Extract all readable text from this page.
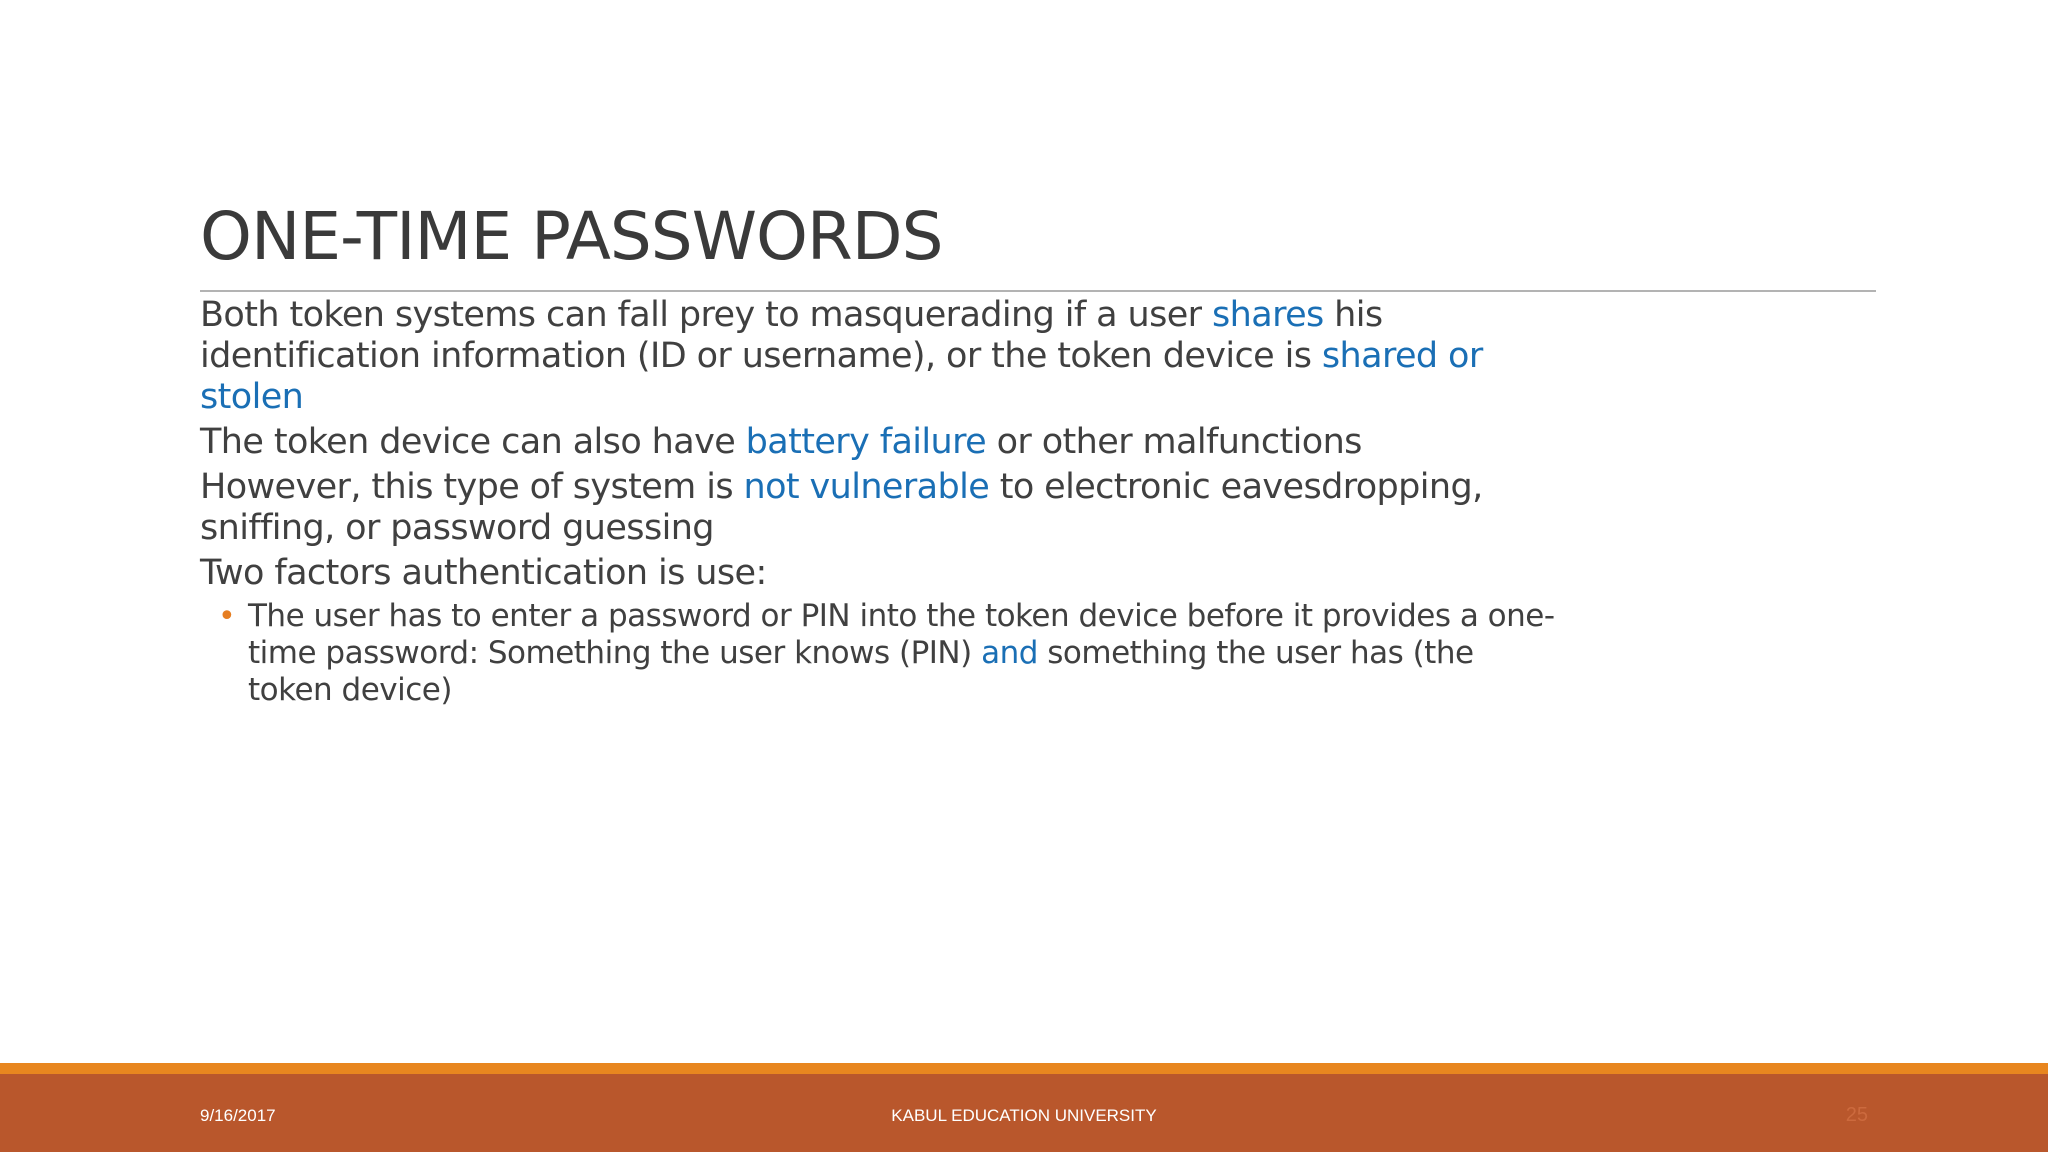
ONE-TIME PASSWORDS

Both token systems can fall prey to masquerading if a user shares his identification information (ID or username), or the token device is shared or stolen

The token device can also have battery failure or other malfunctions

However, this type of system is not vulnerable to electronic eavesdropping, sniffing, or password guessing

Two factors authentication is use:

• The user has to enter a password or PIN into the token device before it provides a one-time password: Something the user knows (PIN) and something the user has (the token device)
9/16/2017	KABUL EDUCATION UNIVERSITY	25
